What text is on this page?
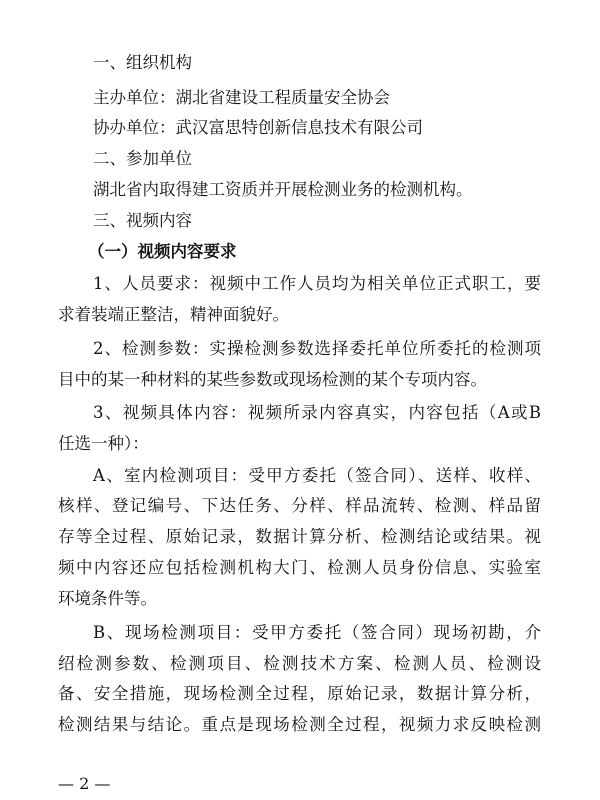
一、组织机构
主办单位：湖北省建设工程质量安全协会
协办单位：武汉富思特创新信息技术有限公司
二、参加单位
湖北省内取得建工资质并开展检测业务的检测机构。
三、视频内容
（一）视频内容要求
1、人员要求：视频中工作人员均为相关单位正式职工，要
求着装端正整洁，精神面貌好。
2、检测参数：实操检测参数选择委托单位所委托的检测项
目中的某一种材料的某些参数或现场检测的某个专项内容。
3、视频具体内容：视频所录内容真实，内容包括（A或B
任选一种）：
A、室内检测项目：受甲方委托（签合同）、送样、收样、
核样、登记编号、下达任务、分样、样品流转、检测、样品留
存等全过程、原始记录，数据计算分析、检测结论或结果。视
频中内容还应包括检测机构大门、检测人员身份信息、实验室
环境条件等。
B、现场检测项目：受甲方委托（签合同）现场初勘，介
绍检测参数、检测项目、检测技术方案、检测人员、检测设
备、安全措施，现场检测全过程，原始记录，数据计算分析，
检测结果与结论。重点是现场检测全过程，视频力求反映检测
— 2 —
